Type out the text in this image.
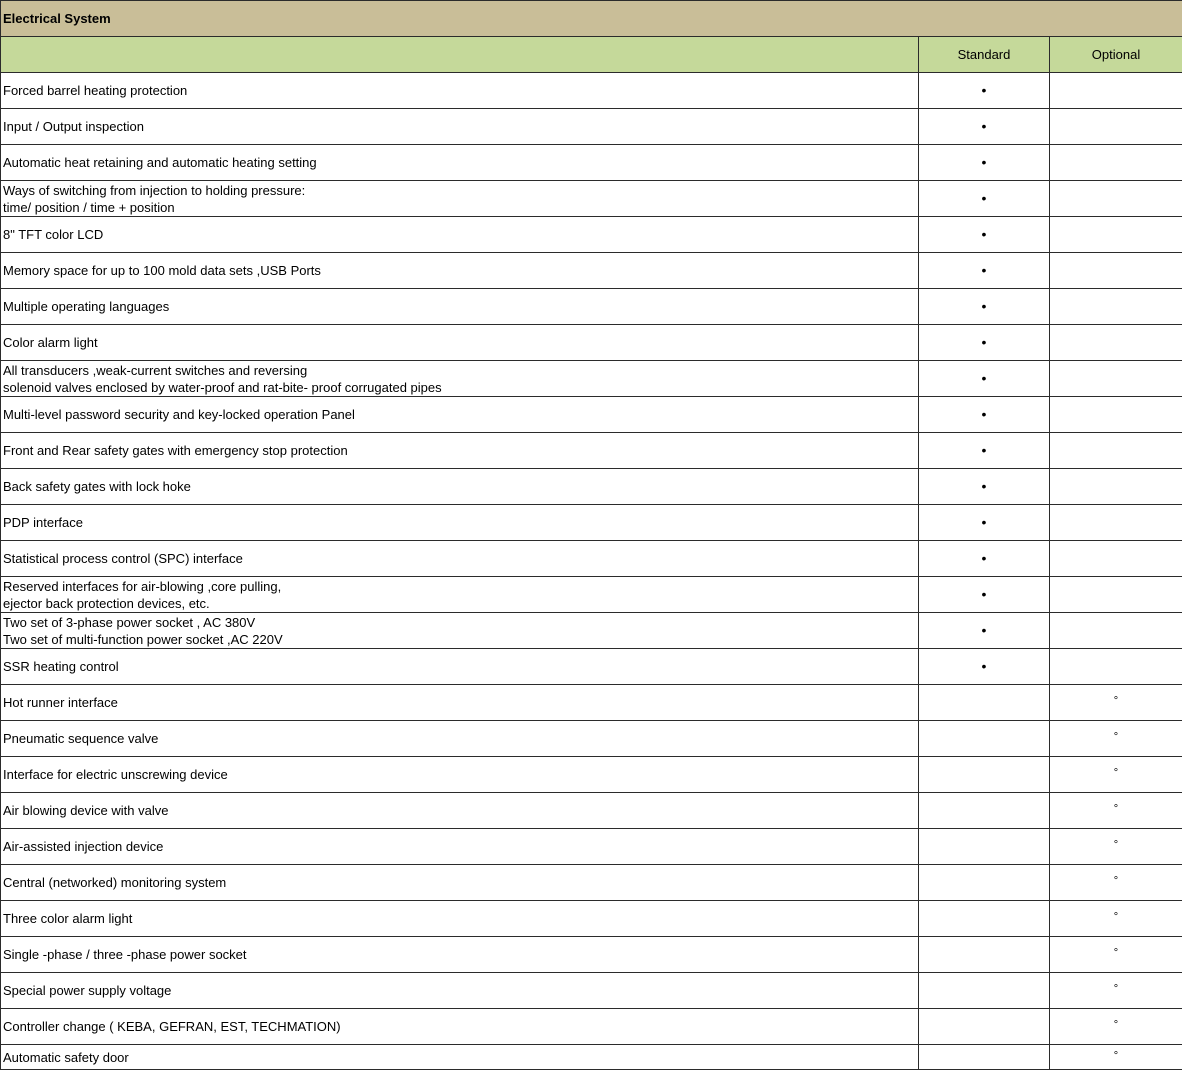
Electrical System		
	Standard	Optional
Forced barrel heating protection	•	
Input / Output inspection	•	
Automatic heat retaining and automatic heating setting	•	
Ways of switching from injection to holding pressure:
time/ position / time + position	•	
8" TFT color LCD	•	
Memory space for up to 100 mold data sets ,USB Ports	•	
Multiple operating languages	•	
Color alarm light	•	
All transducers ,weak-current switches and reversing
solenoid valves enclosed by water-proof and rat-bite- proof corrugated pipes	•	
Multi-level password security and key-locked operation Panel	•	
Front and Rear safety gates with emergency stop protection	•	
Back safety gates with lock hoke	•	
PDP interface	•	
Statistical process control (SPC) interface	•	
Reserved interfaces for air-blowing ,core pulling,
ejector back protection devices, etc.	•	
Two set of 3-phase power socket , AC 380V
Two set of multi-function power socket ,AC 220V	•	
SSR heating control	•	
Hot runner interface		°
Pneumatic sequence valve		°
Interface for electric unscrewing device		°
Air blowing device with valve		°
Air-assisted injection device		°
Central (networked) monitoring system		°
Three color alarm light		°
Single -phase / three -phase power socket		°
Special power supply voltage		°
Controller change ( KEBA, GEFRAN, EST, TECHMATION)		°
Automatic safety door		°
